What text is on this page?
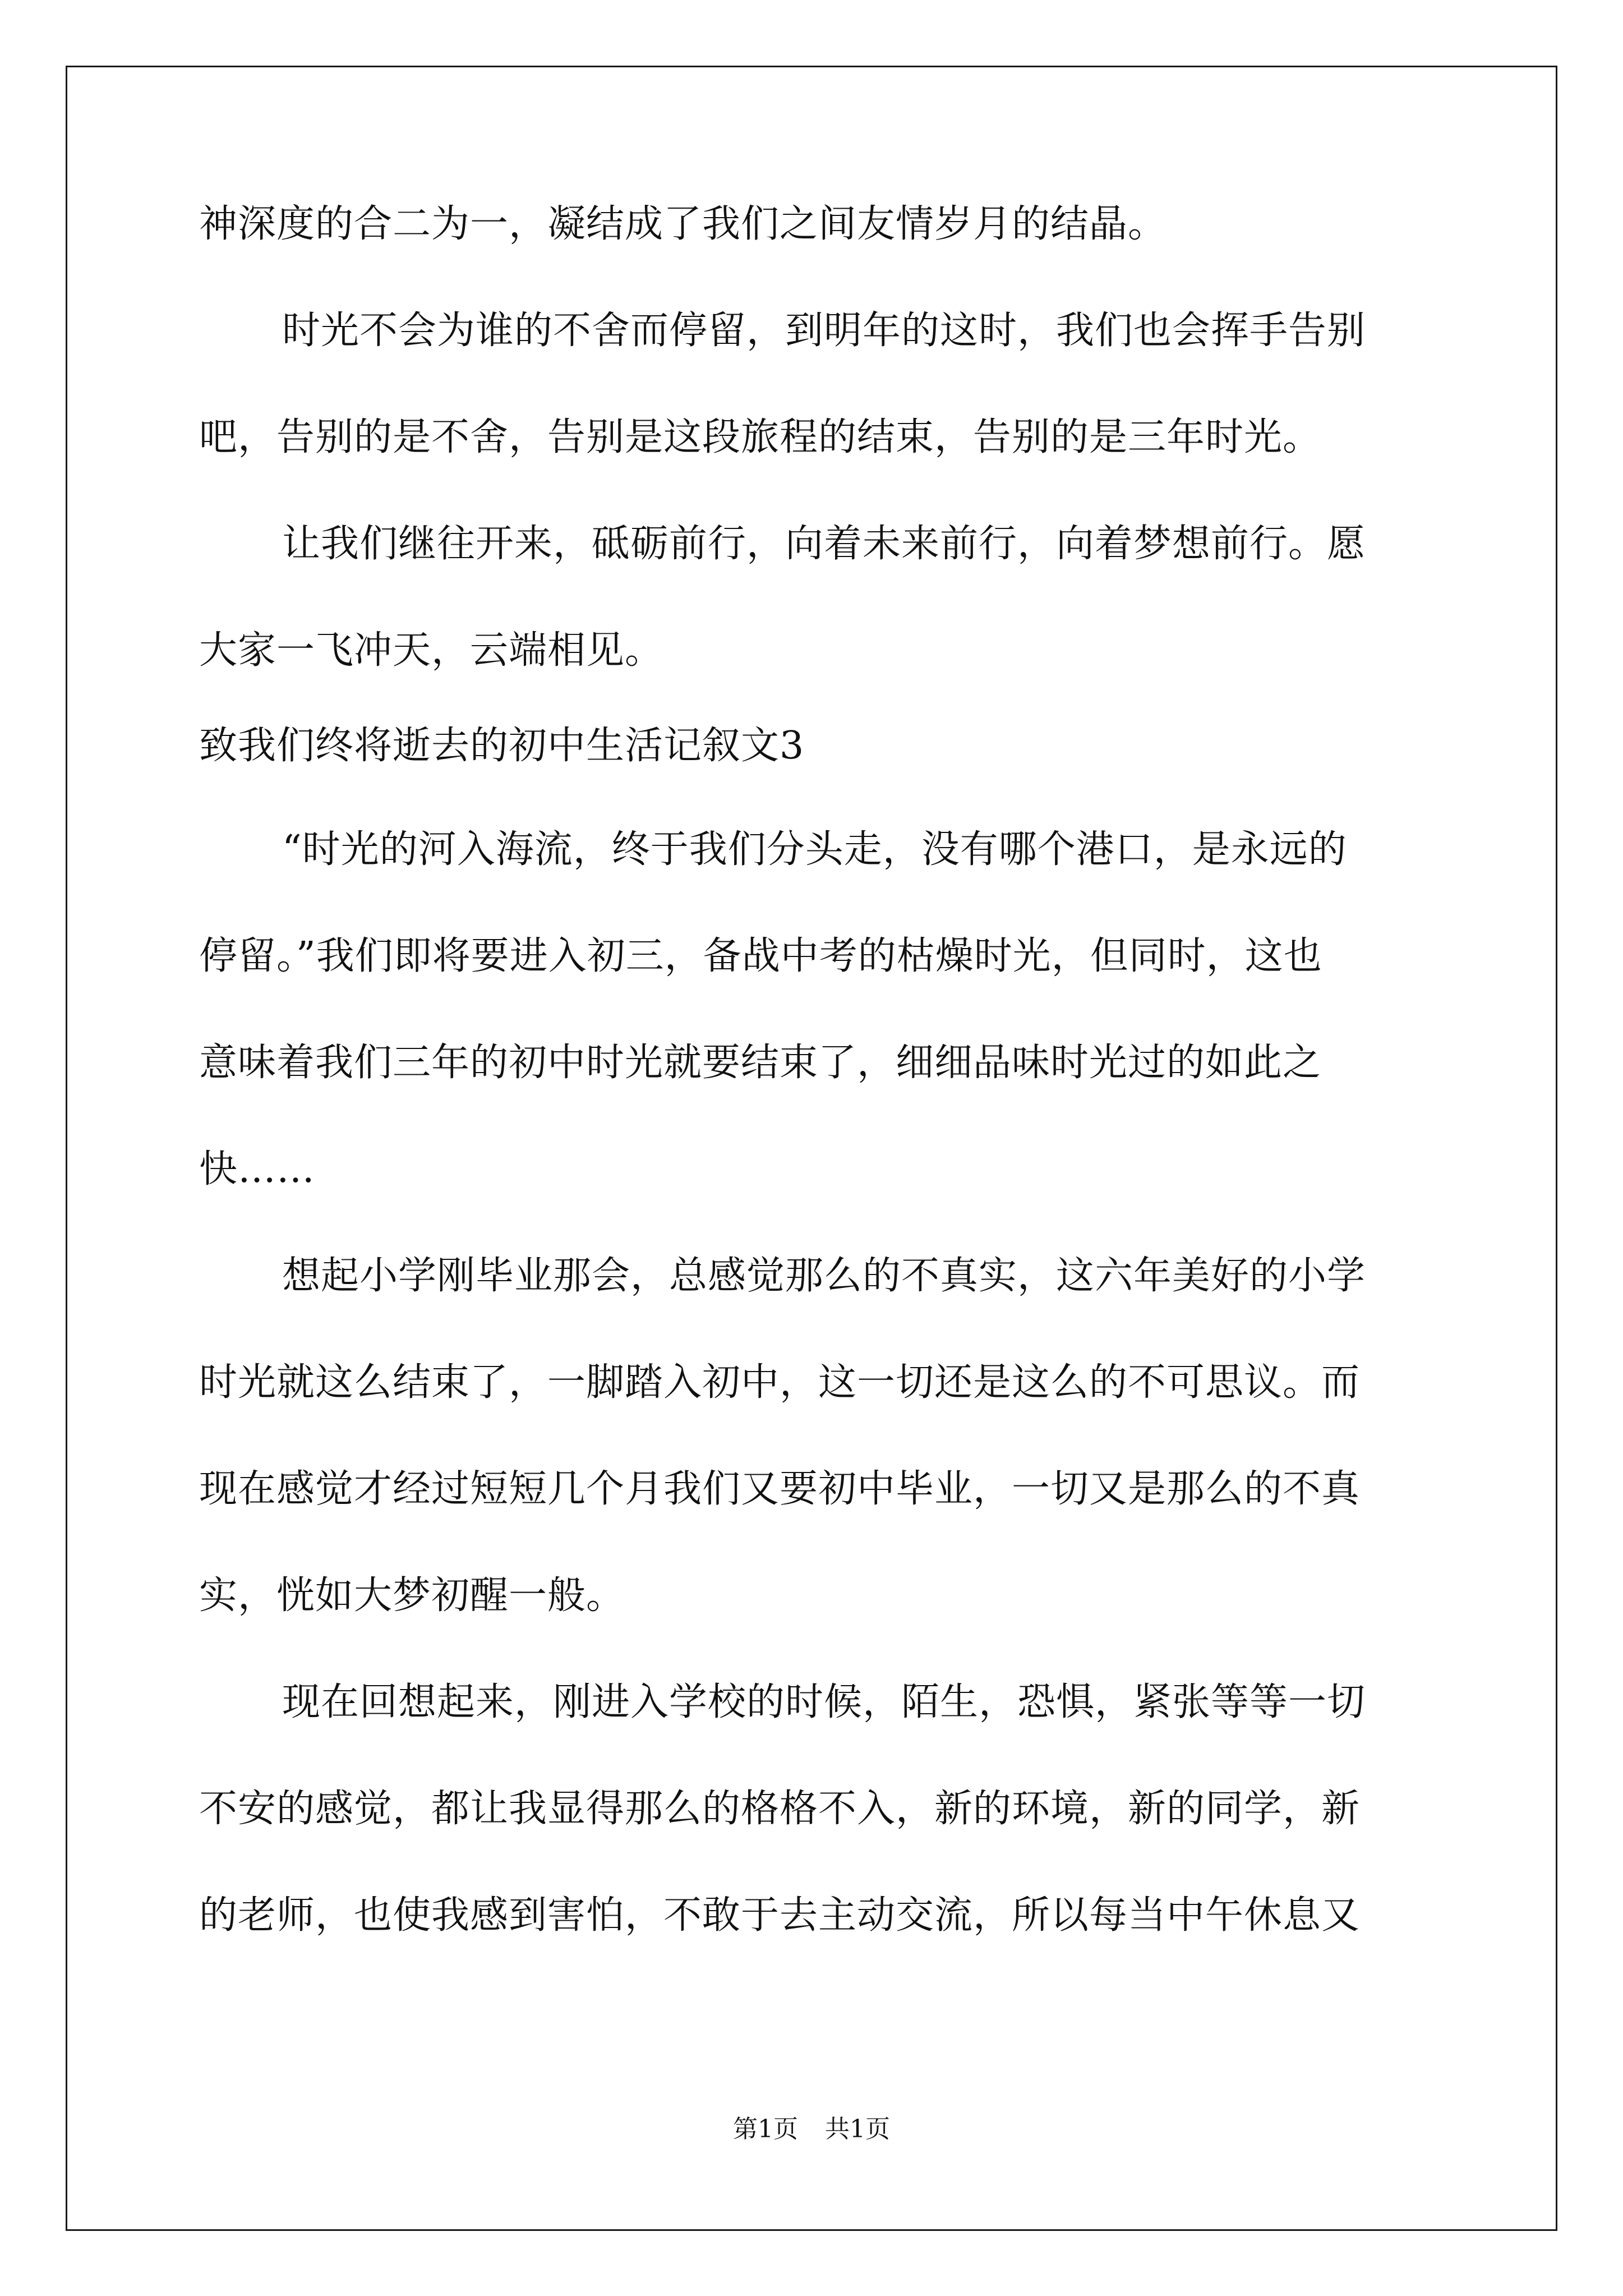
神深度的合二为一，凝结成了我们之间友情岁月的结晶。
时光不会为谁的不舍而停留，到明年的这时，我们也会挥手告别
吧，告别的是不舍，告别是这段旅程的结束，告别的是三年时光。
让我们继往开来，砥砺前行，向着未来前行，向着梦想前行。愿
大家一飞冲天，云端相见。
致我们终将逝去的初中生活记叙文3
“时光的河入海流，终于我们分头走，没有哪个港口，是永远的
停留。”我们即将要进入初三，备战中考的枯燥时光，但同时，这也
意味着我们三年的初中时光就要结束了，细细品味时光过的如此之
快……
想起小学刚毕业那会，总感觉那么的不真实，这六年美好的小学
时光就这么结束了，一脚踏入初中，这一切还是这么的不可思议。而
现在感觉才经过短短几个月我们又要初中毕业，一切又是那么的不真
实，恍如大梦初醒一般。
现在回想起来，刚进入学校的时候，陌生，恐惧，紧张等等一切
不安的感觉，都让我显得那么的格格不入，新的环境，新的同学，新
的老师，也使我感到害怕，不敢于去主动交流，所以每当中午休息又
第1页 共1页
